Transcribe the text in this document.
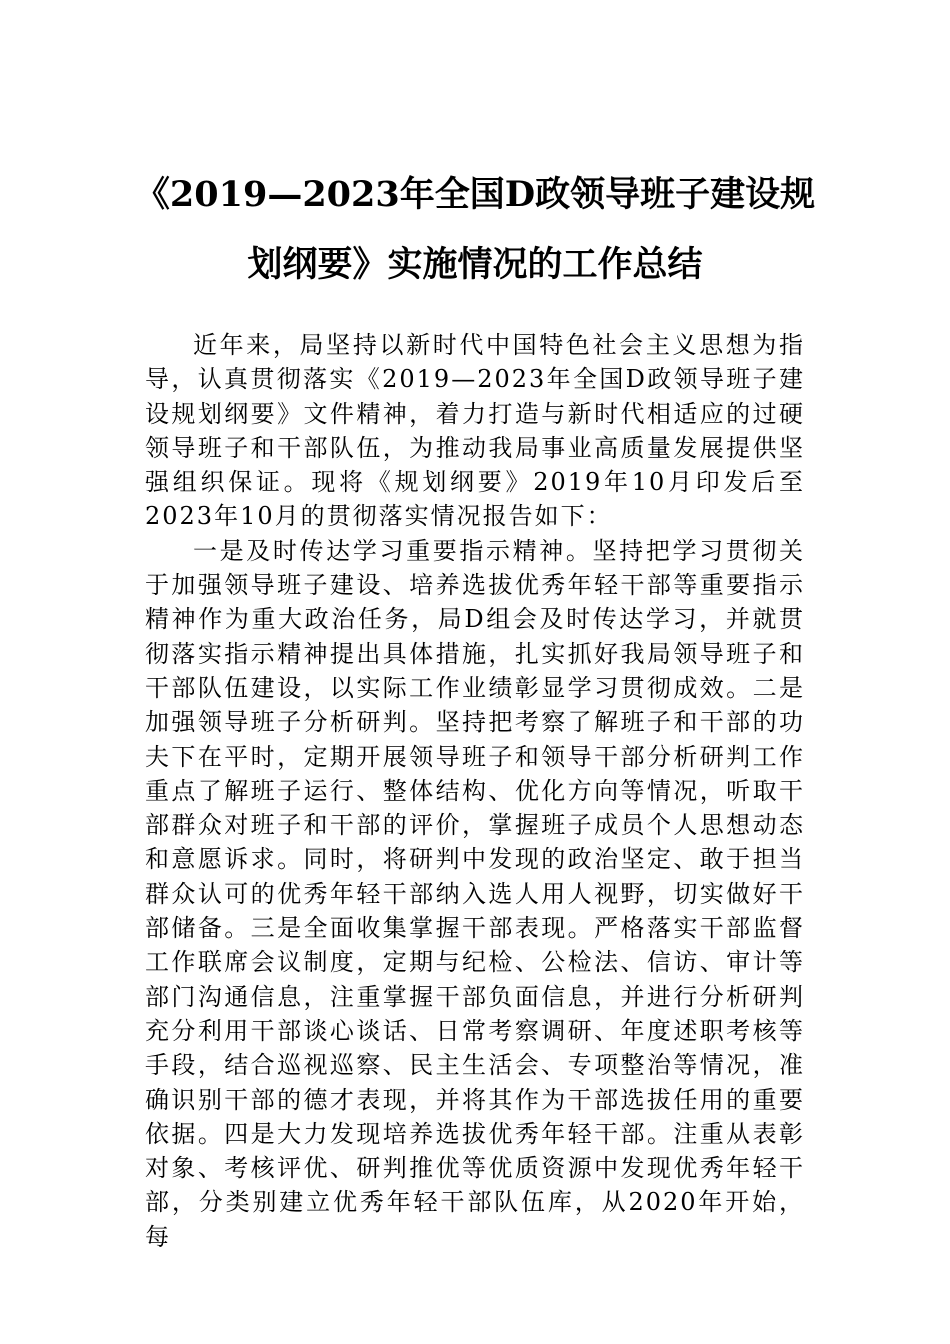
《2019—2023年全国D政领导班子建设规
划纲要》实施情况的工作总结

近年来，局坚持以新时代中国特色社会主义思想为指导，认真贯彻落实《2019—2023年全国D政领导班子建设规划纲要》文件精神，着力打造与新时代相适应的过硬领导班子和干部队伍，为推动我局事业高质量发展提供坚强组织保证。现将《规划纲要》2019年10月印发后至2023年10月的贯彻落实情况报告如下：

一是及时传达学习重要指示精神。坚持把学习贯彻关于加强领导班子建设、培养选拔优秀年轻干部等重要指示精神作为重大政治任务，局D组会及时传达学习，并就贯彻落实指示精神提出具体措施，扎实抓好我局领导班子和干部队伍建设，以实际工作业绩彰显学习贯彻成效。二是加强领导班子分析研判。坚持把考察了解班子和干部的功夫下在平时，定期开展领导班子和领导干部分析研判工作重点了解班子运行、整体结构、优化方向等情况，听取干部群众对班子和干部的评价，掌握班子成员个人思想动态和意愿诉求。同时，将研判中发现的政治坚定、敢于担当群众认可的优秀年轻干部纳入选人用人视野，切实做好干部储备。三是全面收集掌握干部表现。严格落实干部监督工作联席会议制度，定期与纪检、公检法、信访、审计等部门沟通信息，注重掌握干部负面信息，并进行分析研判充分利用干部谈心谈话、日常考察调研、年度述职考核等手段，结合巡视巡察、民主生活会、专项整治等情况，准确识别干部的德才表现，并将其作为干部选拔任用的重要依据。四是大力发现培养选拔优秀年轻干部。注重从表彰对象、考核评优、研判推优等优质资源中发现优秀年轻干部，分类别建立优秀年轻干部队伍库，从2020年开始，每
